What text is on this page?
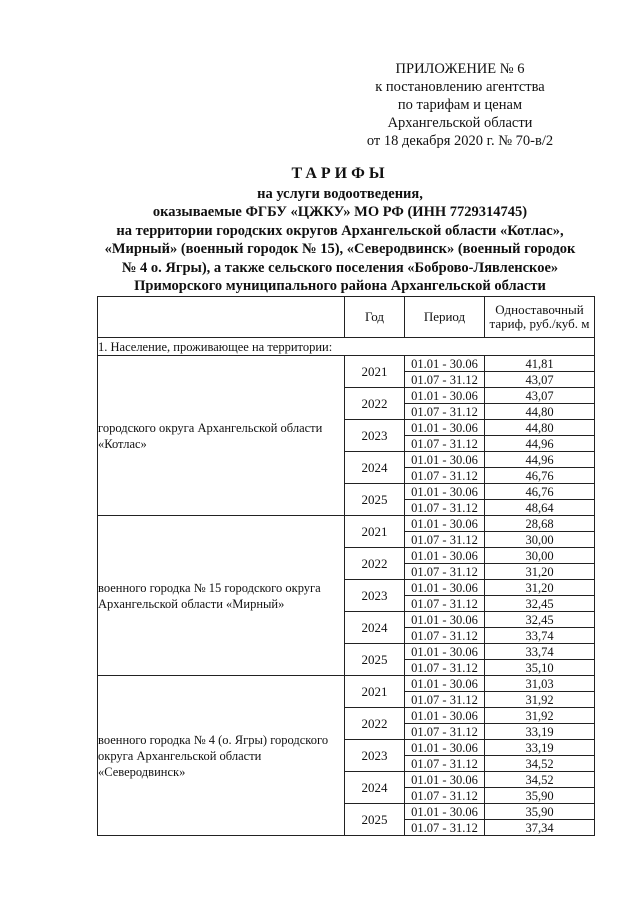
ПРИЛОЖЕНИЕ № 6
к постановлению агентства
по тарифам и ценам
Архангельской области
от 18 декабря 2020 г. № 70-в/2
ТАРИФЫ
на услуги водоотведения,
оказываемые ФГБУ «ЦЖКУ» МО РФ (ИНН 7729314745)
на территории городских округов Архангельской области «Котлас»,
«Мирный» (военный городок № 15), «Северодвинск» (военный городок
№ 4 о. Ягры), а также сельского поселения «Боброво-Лявленское»
Приморского муниципального района Архангельской области
	Год	Период	Одноставочный тариф, руб./куб. м
1. Население, проживающее на территории:			
городского округа Архангельской области «Котлас»	2021	01.01 - 30.06	41,81
		01.07 - 31.12	43,07
	2022	01.01 - 30.06	43,07
		01.07 - 31.12	44,80
	2023	01.01 - 30.06	44,80
		01.07 - 31.12	44,96
	2024	01.01 - 30.06	44,96
		01.07 - 31.12	46,76
	2025	01.01 - 30.06	46,76
		01.07 - 31.12	48,64
военного городка № 15 городского округа Архангельской области «Мирный»	2021	01.01 - 30.06	28,68
		01.07 - 31.12	30,00
	2022	01.01 - 30.06	30,00
		01.07 - 31.12	31,20
	2023	01.01 - 30.06	31,20
		01.07 - 31.12	32,45
	2024	01.01 - 30.06	32,45
		01.07 - 31.12	33,74
	2025	01.01 - 30.06	33,74
		01.07 - 31.12	35,10
военного городка № 4 (о. Ягры) городского округа Архангельской области «Северодвинск»	2021	01.01 - 30.06	31,03
		01.07 - 31.12	31,92
	2022	01.01 - 30.06	31,92
		01.07 - 31.12	33,19
	2023	01.01 - 30.06	33,19
		01.07 - 31.12	34,52
	2024	01.01 - 30.06	34,52
		01.07 - 31.12	35,90
	2025	01.01 - 30.06	35,90
		01.07 - 31.12	37,34
